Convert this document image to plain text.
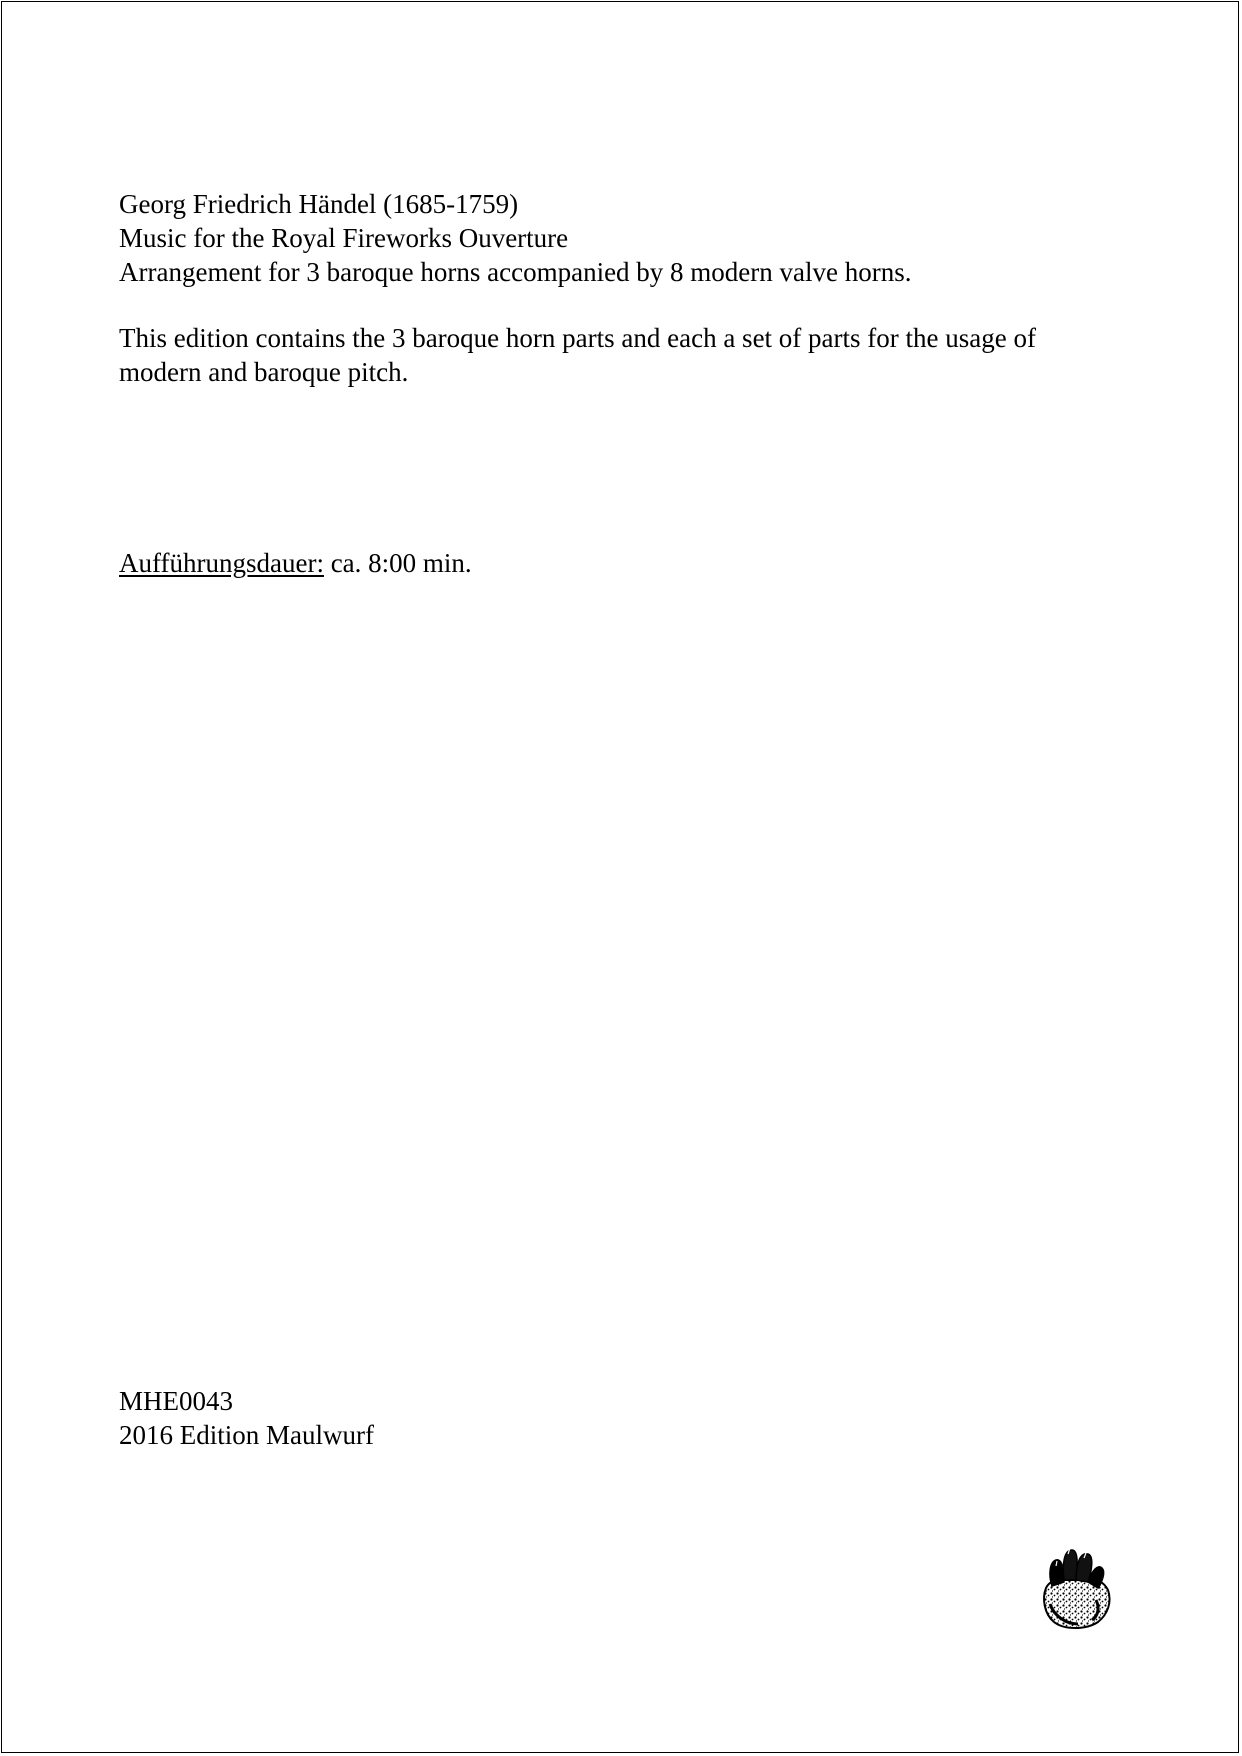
Georg Friedrich Händel (1685-1759)

Music for the Royal Fireworks Ouverture

Arrangement for 3 baroque horns accompanied by 8 modern valve horns.

This edition contains the 3 baroque horn parts and each a set of parts for the usage of

modern and baroque pitch.

Aufführungsdauer: ca. 8:00 min.

MHE0043

2016 Edition Maulwurf
